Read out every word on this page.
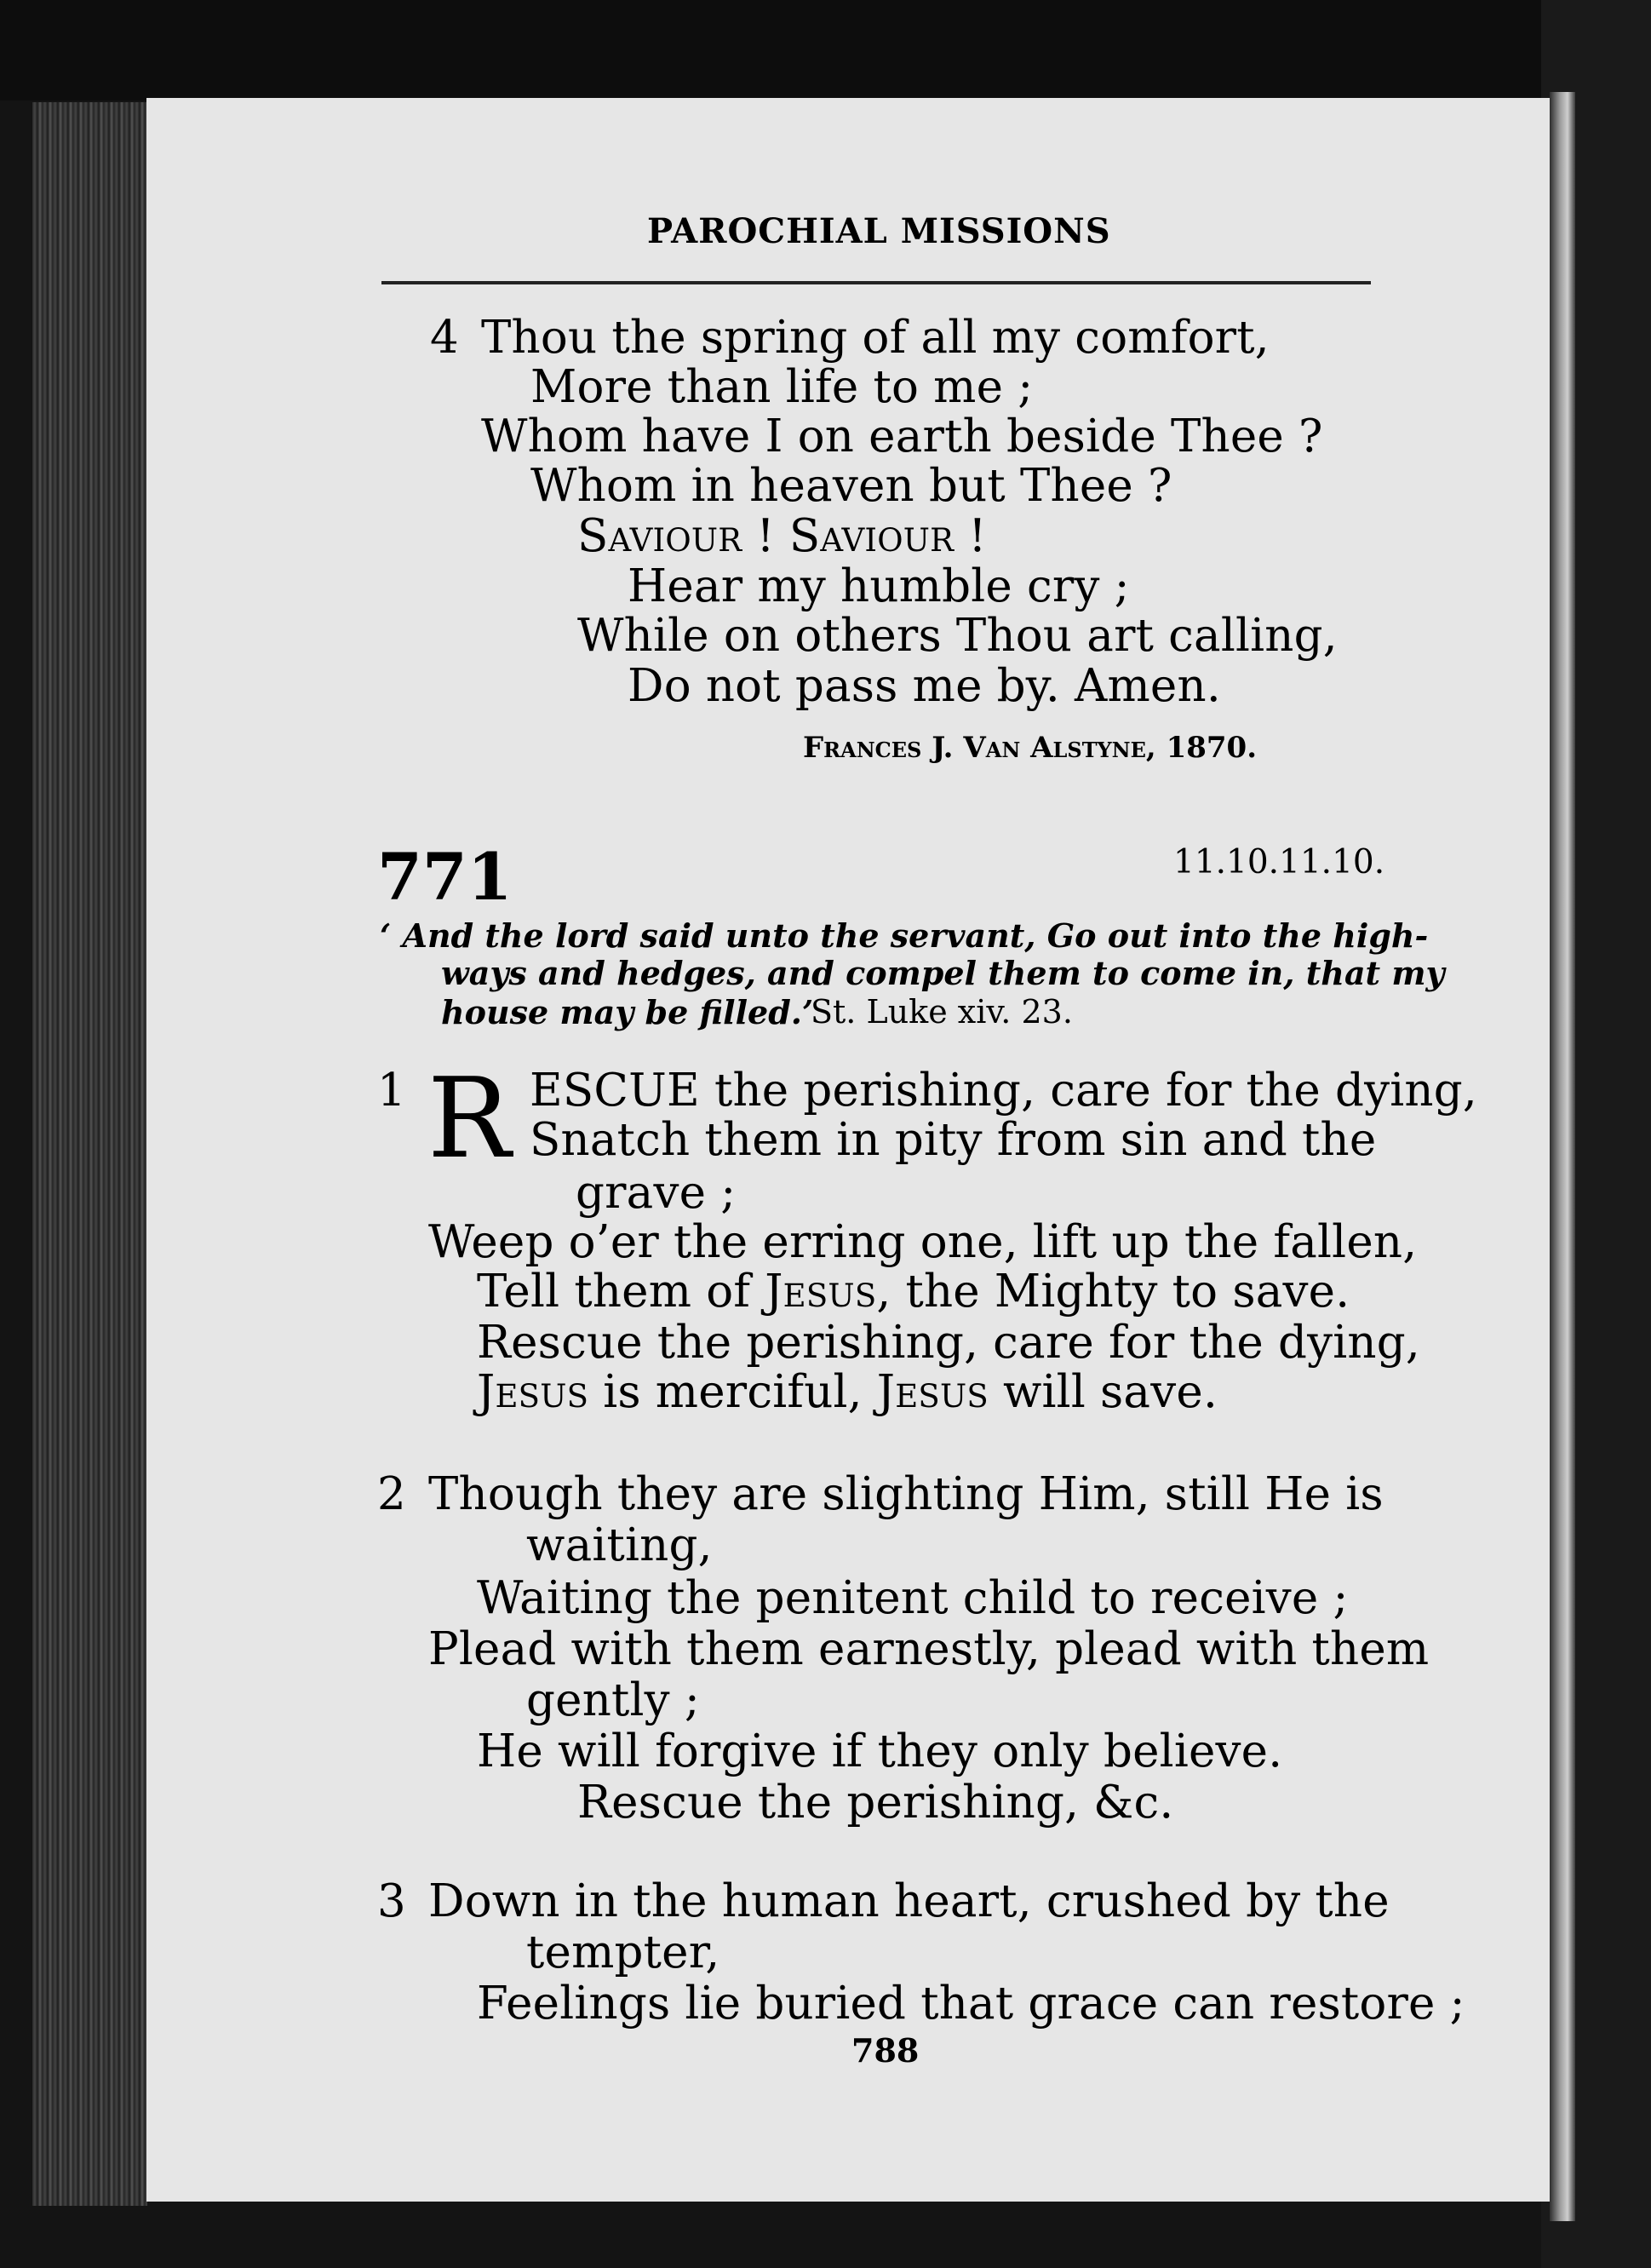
PAROCHIAL MISSIONS
4 Thou the spring of all my comfort,
More than life to me ;
Whom have I on earth beside Thee ?
Whom in heaven but Thee ?
Saviour ! Saviour !
Hear my humble cry ;
While on others Thou art calling,
Do not pass me by. Amen.
Frances J. Van Alstyne, 1870.
771	11.10.11.10.
‘ And the lord said unto the servant, Go out into the high-
ways and hedges, and compel them to come in, that my
house may be filled.’
St. Luke xiv. 23.
1 R ESCUE the perishing, care for the dying,
Snatch them in pity from sin and the
grave ;
Weep o’er the erring one, lift up the fallen,
Tell them of Jesus, the Mighty to save.
Rescue the perishing, care for the dying,
Jesus is merciful, Jesus will save.
2 Though they are slighting Him, still He is
waiting,
Waiting the penitent child to receive ;
Plead with them earnestly, plead with them
gently ;
He will forgive if they only believe.
Rescue the perishing, &c.
3 Down in the human heart, crushed by the
tempter,
Feelings lie buried that grace can restore ;
788
